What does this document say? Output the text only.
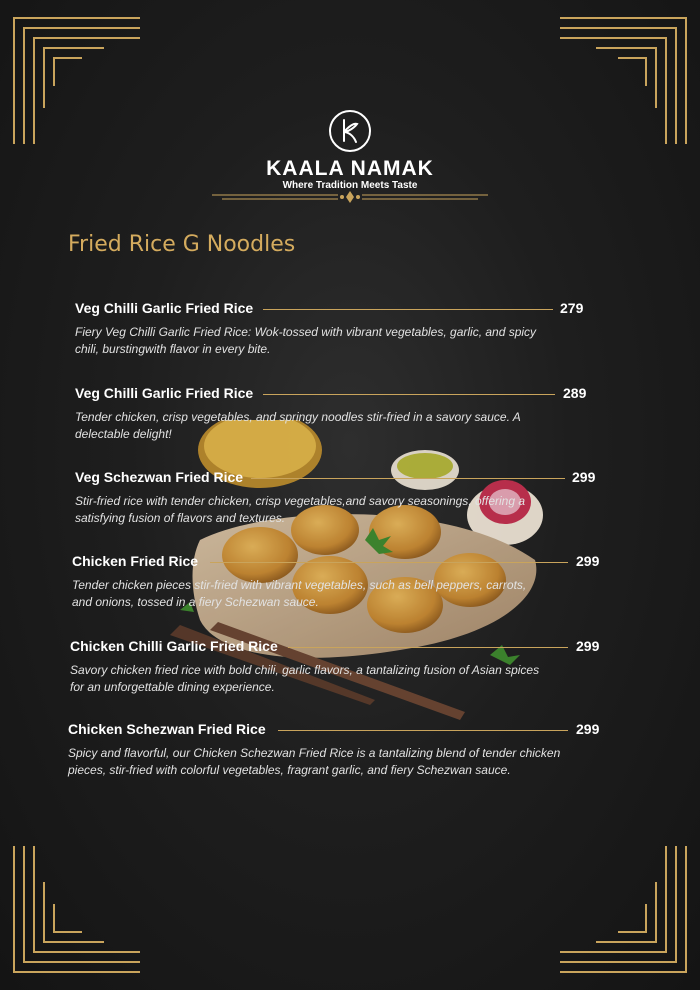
KAALA NAMAK
Where Tradition Meets Taste
Fried Rice G Noodles
Veg Chilli Garlic Fried Rice	279
Fiery Veg Chilli Garlic Fried Rice: Wok-tossed with vibrant vegetables, garlic, and spicy chili, burstingwith flavor in every bite.
Veg Chilli Garlic Fried Rice	289
Tender chicken, crisp vegetables, and springy noodles stir-fried in a savory sauce. A delectable delight!
Veg Schezwan Fried Rice	299
Stir-fried rice with tender chicken, crisp vegetables,and savory seasonings, offering a satisfying fusion of flavors and textures.
Chicken Fried Rice	299
Tender chicken pieces stir-fried with vibrant vegetables, such as bell peppers, carrots, and onions, tossed in a fiery Schezwan sauce.
Chicken Chilli Garlic Fried Rice	299
Savory chicken fried rice with bold chili, garlic flavors, a tantalizing fusion of Asian spices for an unforgettable dining experience.
Chicken Schezwan Fried Rice	299
Spicy and flavorful, our Chicken Schezwan Fried Rice is a tantalizing blend of tender chicken pieces, stir-fried with colorful vegetables, fragrant garlic, and fiery Schezwan sauce.
